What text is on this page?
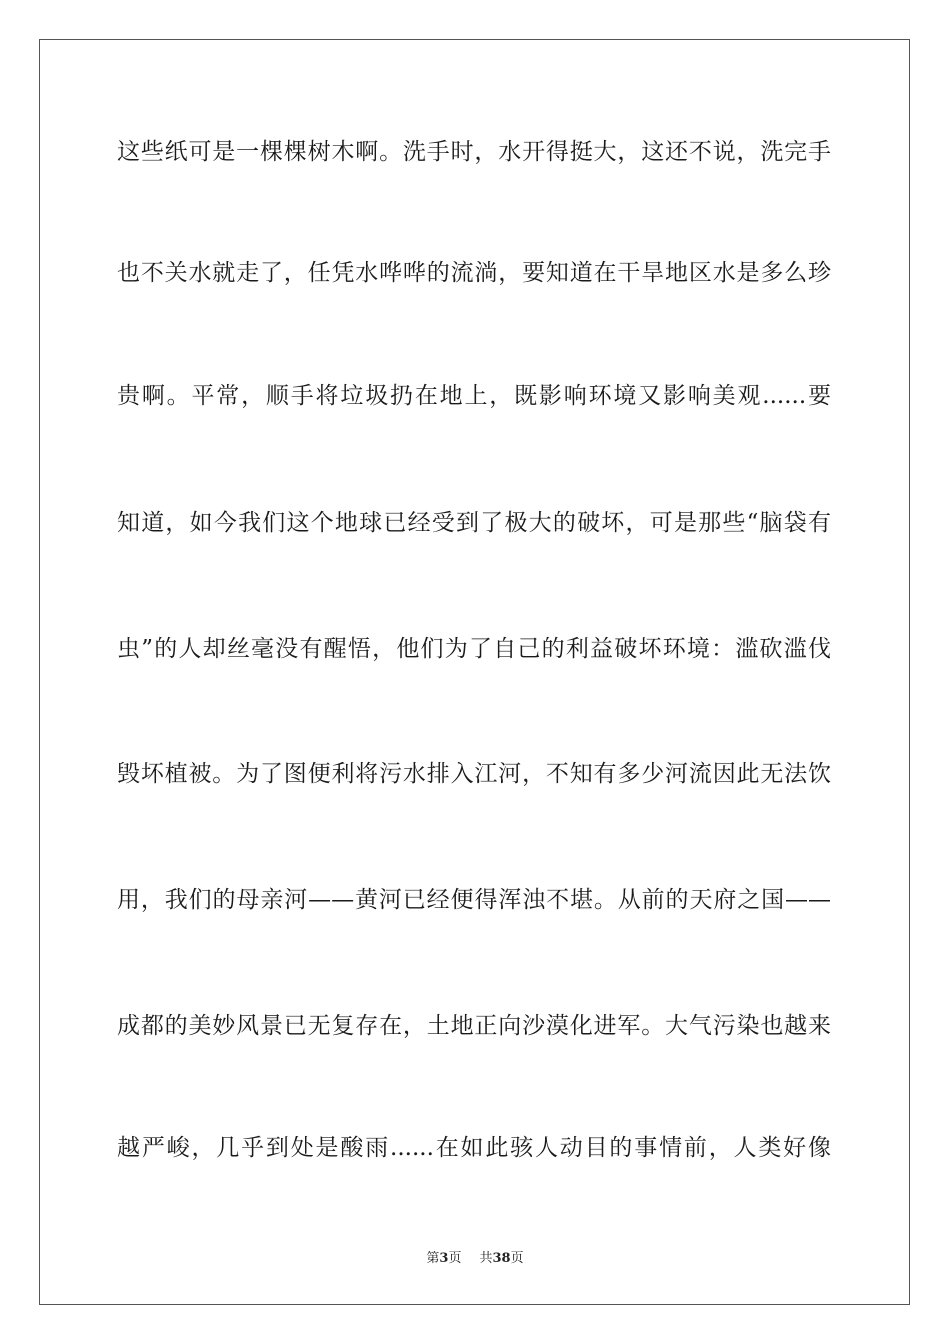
这些纸可是一棵棵树木啊。洗手时，水开得挺大，这还不说，洗完手

也不关水就走了，任凭水哗哗的流淌，要知道在干旱地区水是多么珍

贵啊。平常，顺手将垃圾扔在地上，既影响环境又影响美观......要

知道，如今我们这个地球已经受到了极大的破坏，可是那些“脑袋有

虫”的人却丝毫没有醒悟，他们为了自己的利益破坏环境：滥砍滥伐

毁坏植被。为了图便利将污水排入江河，不知有多少河流因此无法饮

用，我们的母亲河——黄河已经便得浑浊不堪。从前的天府之国——

成都的美妙风景已无复存在，土地正向沙漠化进军。大气污染也越来

越严峻，几乎到处是酸雨......在如此骇人动目的事情前，人类好像

第3页 共38页
